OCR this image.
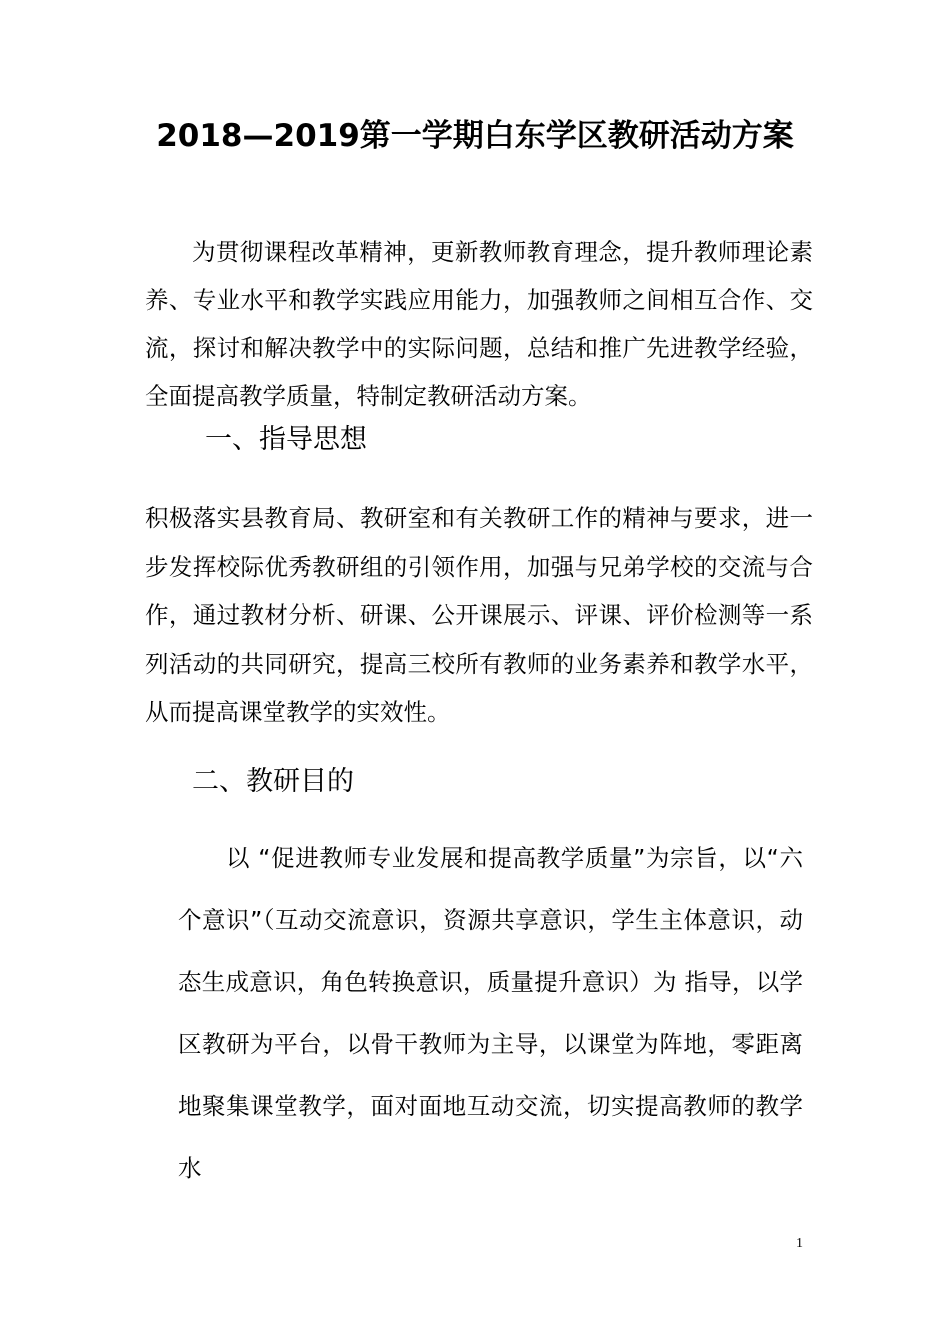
2018—2019第一学期白东学区教研活动方案

为贯彻课程改革精神，更新教师教育理念，提升教师理论素养、专业水平和教学实践应用能力，加强教师之间相互合作、交流，探讨和解决教学中的实际问题，总结和推广先进教学经验，全面提高教学质量，特制定教研活动方案。

一、指导思想

积极落实县教育局、教研室和有关教研工作的精神与要求，进一步发挥校际优秀教研组的引领作用，加强与兄弟学校的交流与合作，通过教材分析、研课、公开课展示、评课、评价检测等一系列活动的共同研究，提高三校所有教师的业务素养和教学水平，从而提高课堂教学的实效性。

二、教研目的

以 “促进教师专业发展和提高教学质量”为宗旨，以“六个意识”（互动交流意识，资源共享意识，学生主体意识，动态生成意识，角色转换意识，质量提升意识）为 指导，以学区教研为平台，以骨干教师为主导，以课堂为阵地，零距离地聚集课堂教学，面对面地互动交流，切实提高教师的教学水

1
